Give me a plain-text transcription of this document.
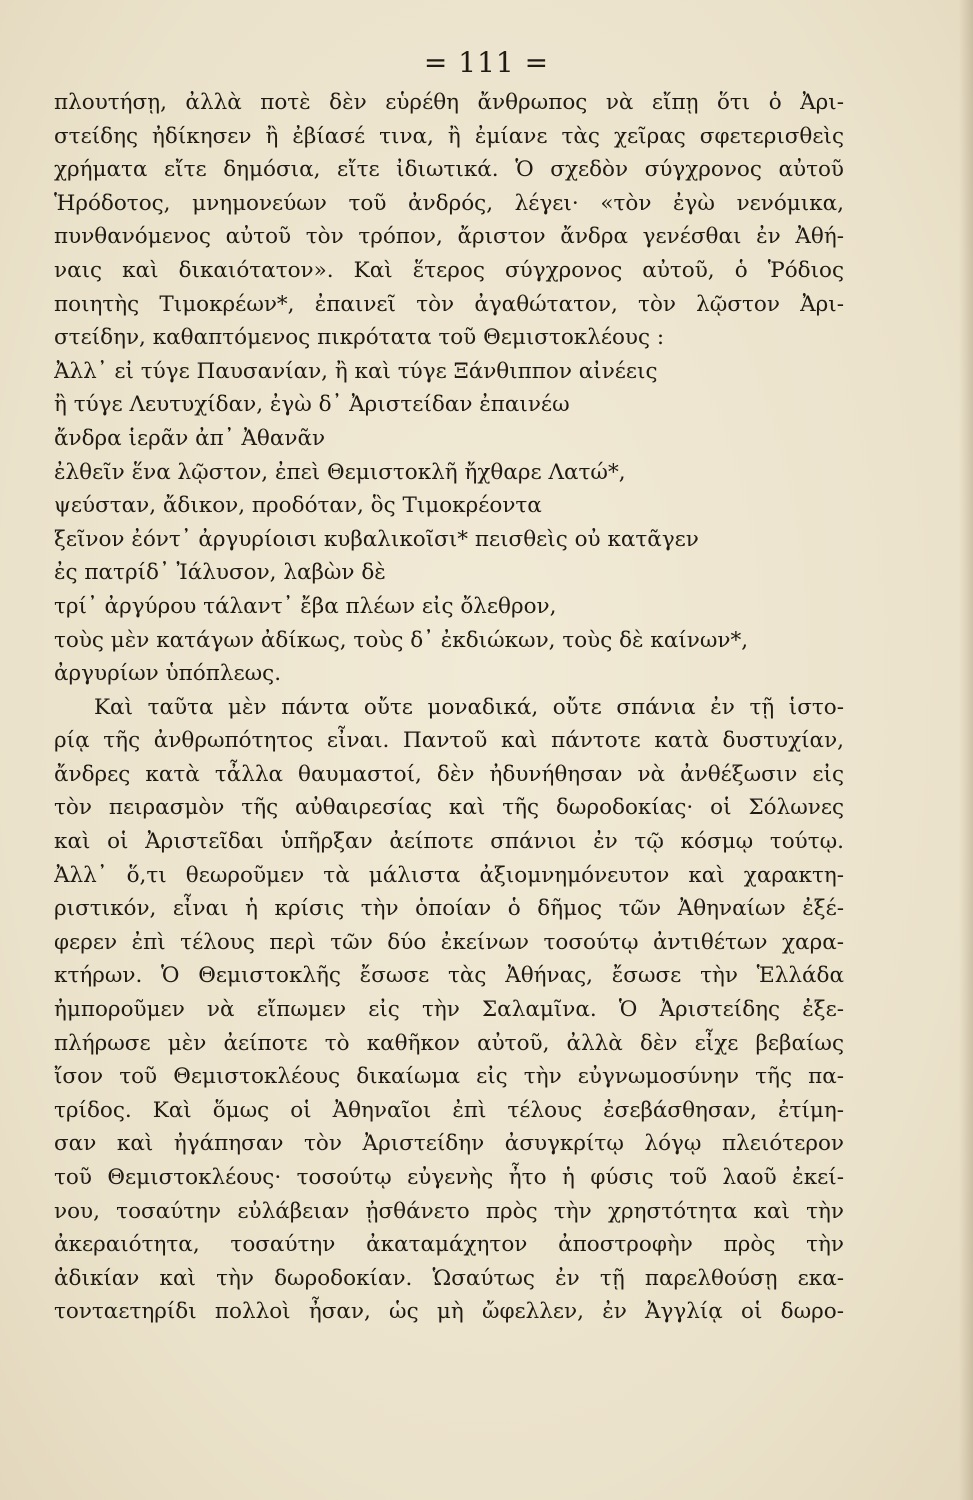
= 111 =
πλουτήσῃ, ἀλλὰ ποτὲ δὲν εὑρέθη ἄνθρωπος νὰ εἴπῃ ὅτι ὁ Ἀρι-
στείδης ἠδίκησεν ἢ ἐβίασέ τινα, ἢ ἐμίανε τὰς χεῖρας σφετερισθεὶς
χρήματα εἴτε δημόσια, εἴτε ἰδιωτικά. Ὁ σχεδὸν σύγχρονος αὐτοῦ
Ἡρόδοτος, μνημονεύων τοῦ ἀνδρός, λέγει· «τὸν ἐγὼ νενόμικα,
πυνθανόμενος αὐτοῦ τὸν τρόπον, ἄριστον ἄνδρα γενέσθαι ἐν Ἀθή-
ναις καὶ δικαιότατον». Καὶ ἕτερος σύγχρονος αὐτοῦ, ὁ Ῥόδιος
ποιητὴς Τιμοκρέων*, ἐπαινεῖ τὸν ἀγαθώτατον, τὸν λῷστον Ἀρι-
στείδην, καθαπτόμενος πικρότατα τοῦ Θεμιστοκλέους :
Ἀλλ᾽ εἰ τύγε Παυσανίαν, ἢ καὶ τύγε Ξάνθιππον αἰνέεις
ἢ τύγε Λευτυχίδαν, ἐγὼ δ᾽ Ἀριστείδαν ἐπαινέω
ἄνδρα ἱερᾶν ἀπ᾽ Ἀθανᾶν
ἐλθεῖν ἕνα λῷστον, ἐπεὶ Θεμιστοκλῆ ἤχθαρε Λατώ*,
ψεύσταν, ἄδικον, προδόταν, ὃς Τιμοκρέοντα
ξεῖνον ἐόντ᾽ ἀργυρίοισι κυβαλικοῖσι* πεισθεὶς οὐ κατᾶγεν
ἐς πατρίδ᾽ Ἰάλυσον, λαβὼν δὲ
τρί᾽ ἀργύρου τάλαντ᾽ ἔβα πλέων εἰς ὄλεθρον,
τοὺς μὲν κατάγων ἀδίκως, τοὺς δ᾽ ἐκδιώκων, τοὺς δὲ καίνων*,
ἀργυρίων ὑπόπλεως.
Καὶ ταῦτα μὲν πάντα οὔτε μοναδικά, οὔτε σπάνια ἐν τῇ ἱστο-
ρίᾳ τῆς ἀνθρωπότητος εἶναι. Παντοῦ καὶ πάντοτε κατὰ δυστυχίαν,
ἄνδρες κατὰ τἆλλα θαυμαστοί, δὲν ἠδυνήθησαν νὰ ἀνθέξωσιν εἰς
τὸν πειρασμὸν τῆς αὐθαιρεσίας καὶ τῆς δωροδοκίας· οἱ Σόλωνες
καὶ οἱ Ἀριστεῖδαι ὑπῆρξαν ἀείποτε σπάνιοι ἐν τῷ κόσμῳ τούτῳ.
Ἀλλ᾽ ὅ,τι θεωροῦμεν τὰ μάλιστα ἀξιομνημόνευτον καὶ χαρακτη-
ριστικόν, εἶναι ἡ κρίσις τὴν ὁποίαν ὁ δῆμος τῶν Ἀθηναίων ἐξέ-
φερεν ἐπὶ τέλους περὶ τῶν δύο ἐκείνων τοσούτῳ ἀντιθέτων χαρα-
κτήρων. Ὁ Θεμιστοκλῆς ἔσωσε τὰς Ἀθήνας, ἔσωσε τὴν Ἑλλάδα
ἠμποροῦμεν νὰ εἴπωμεν εἰς τὴν Σαλαμῖνα. Ὁ Ἀριστείδης ἐξε-
πλήρωσε μὲν ἀείποτε τὸ καθῆκον αὐτοῦ, ἀλλὰ δὲν εἶχε βεβαίως
ἴσον τοῦ Θεμιστοκλέους δικαίωμα εἰς τὴν εὐγνωμοσύνην τῆς πα-
τρίδος. Καὶ ὅμως οἱ Ἀθηναῖοι ἐπὶ τέλους ἐσεβάσθησαν, ἐτίμη-
σαν καὶ ἠγάπησαν τὸν Ἀριστείδην ἀσυγκρίτῳ λόγῳ πλειότερον
τοῦ Θεμιστοκλέους· τοσούτῳ εὐγενὴς ἦτο ἡ φύσις τοῦ λαοῦ ἐκεί-
νου, τοσαύτην εὐλάβειαν ᾐσθάνετο πρὸς τὴν χρηστότητα καὶ τὴν
ἀκεραιότητα, τοσαύτην ἀκαταμάχητον ἀποστροφὴν πρὸς τὴν
ἀδικίαν καὶ τὴν δωροδοκίαν. Ὡσαύτως ἐν τῇ παρελθούσῃ εκα-
τονταετηρίδι πολλοὶ ἦσαν, ὡς μὴ ὤφελλεν, ἐν Ἀγγλίᾳ οἱ δωρο-
